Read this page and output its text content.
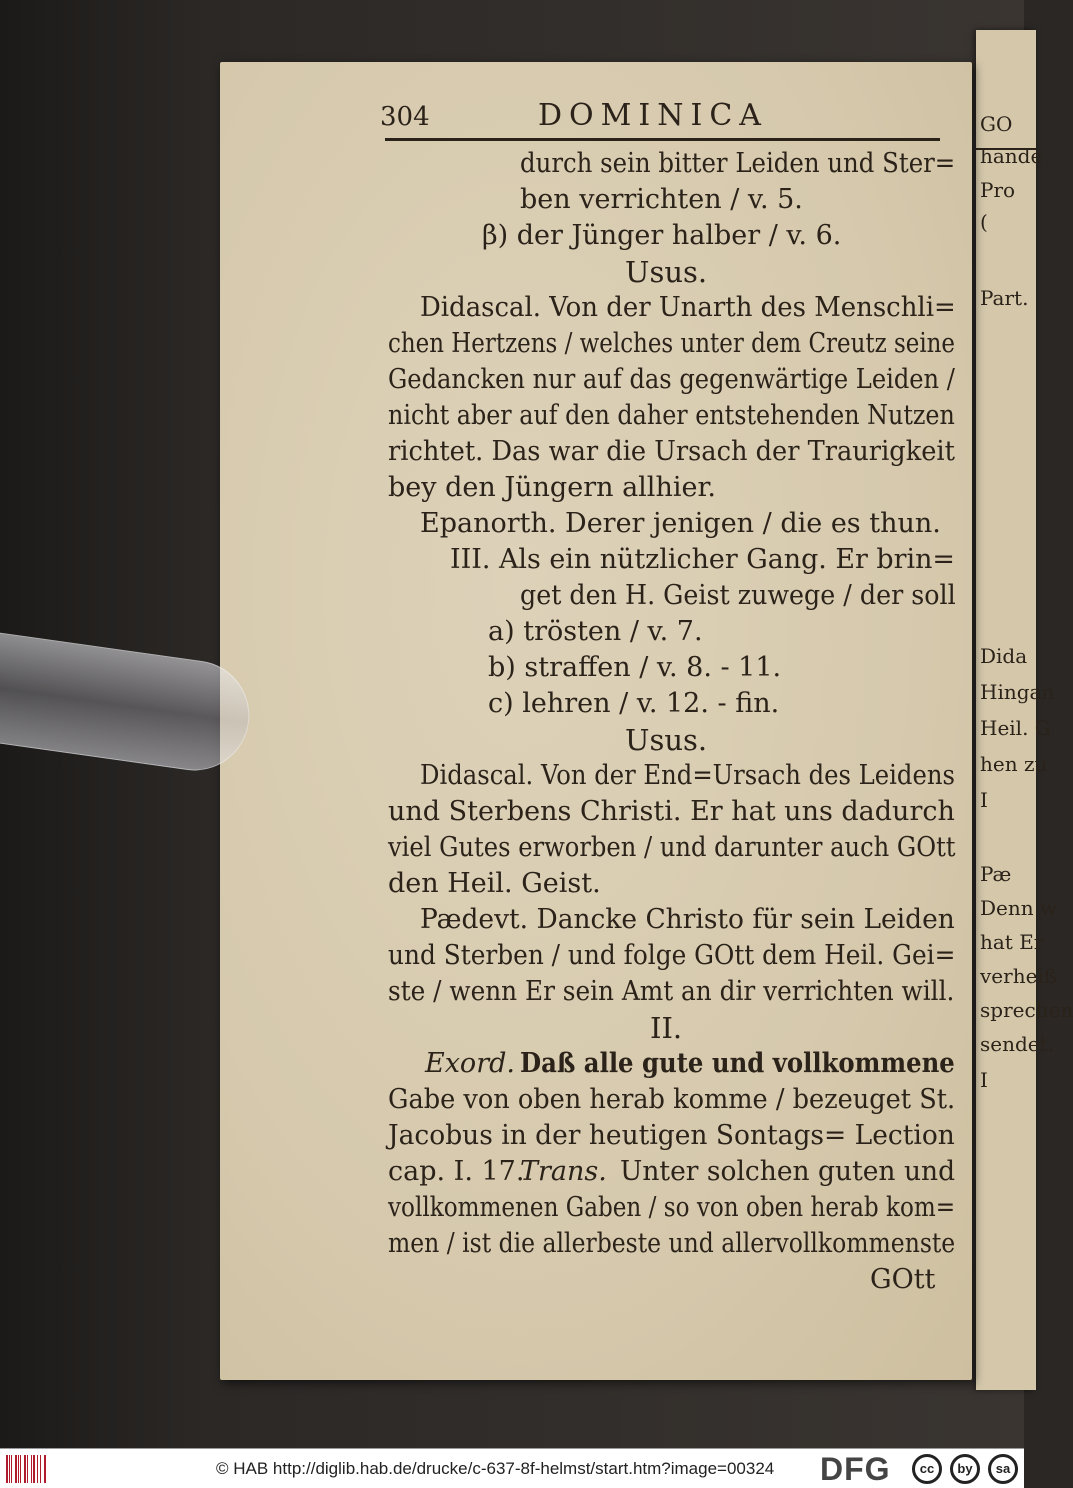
GO
hande
Pro
(
Part.
Dida
Hingan
Heil. G
hen zu
I
Pæ
Denn w
hat Er
verheiß
sprechen
sendet.
I
304	DOMINICA
durch sein bitter Leiden und Ster=
ben verrichten / v. 5.
β) der Jünger halber / v. 6.
Usus.
Didascal. Von der Unarth des Menschli=
chen Hertzens / welches unter dem Creutz seine
Gedancken nur auf das gegenwärtige Leiden /
nicht aber auf den daher entstehenden Nutzen
richtet. Das war die Ursach der Traurigkeit
bey den Jüngern allhier.
Epanorth. Derer jenigen / die es thun.
III. Als ein nützlicher Gang. Er brin=
get den H. Geist zuwege / der soll
a) trösten / v. 7.
b) straffen / v. 8. - 11.
c) lehren / v. 12. - fin.
Usus.
Didascal. Von der End=Ursach des Leidens
und Sterbens Christi. Er hat uns dadurch
viel Gutes erworben / und darunter auch GOtt
den Heil. Geist.
Pædevt. Dancke Christo für sein Leiden
und Sterben / und folge GOtt dem Heil. Gei=
ste / wenn Er sein Amt an dir verrichten will.
II.
Exord. Daß alle gute und vollkommene
Gabe von oben herab komme / bezeuget St.
Jacobus in der heutigen Sontags= Lection
cap. I. 17.
Trans. Unter solchen guten und
vollkommenen Gaben / so von oben herab kom=
men / ist die allerbeste und allervollkommenste
GOtt
© HAB http://diglib.hab.de/drucke/c-637-8f-helmst/start.htm?image=00324 DFG	cc	by	sa
